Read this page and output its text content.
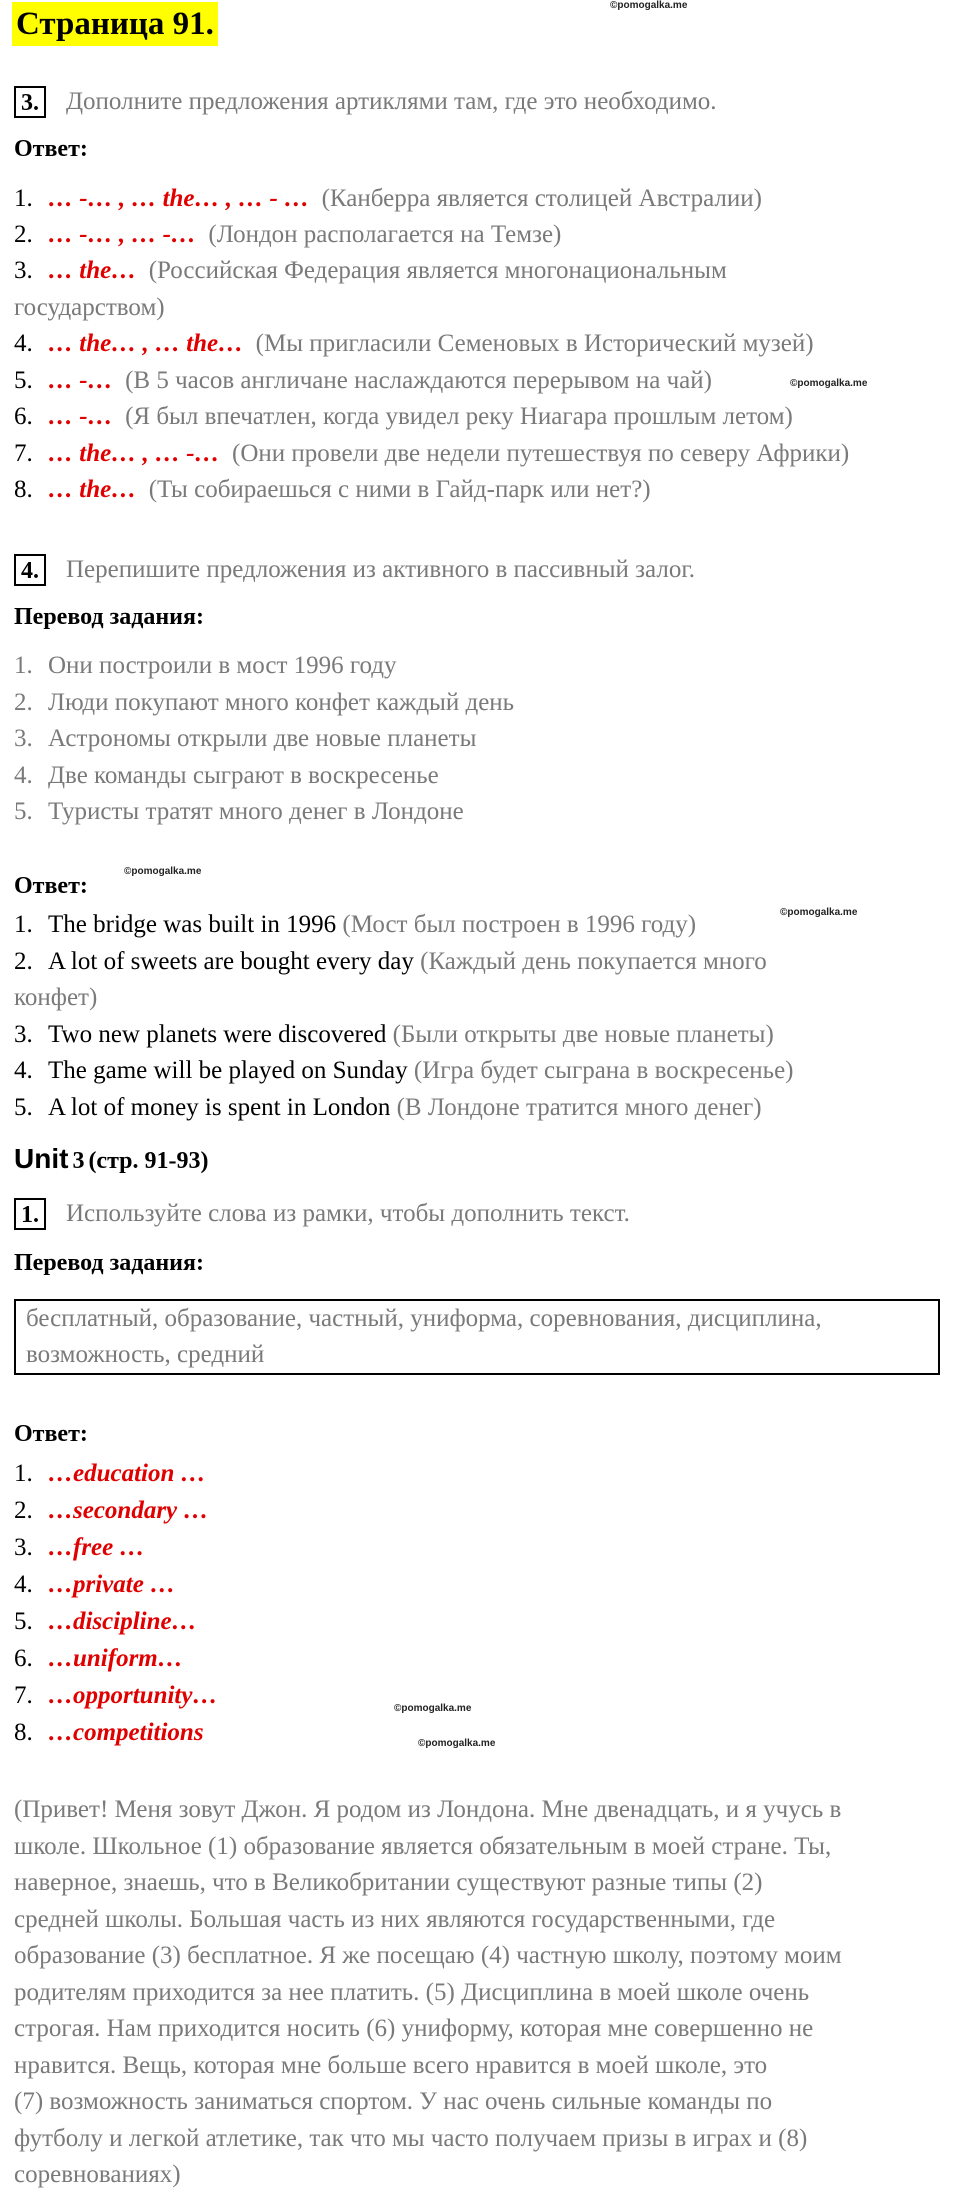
Страница 91.
©pomogalka.me
3. Дополните предложения артиклями там, где это необходимо.
Ответ:
1. … -… , … the… , … - … (Канберра является столицей Австралии)
2. … -… , … -… (Лондон располагается на Темзе)
3. … the… (Российская Федерация является многонациональным
государством)
4. … the… , … the… (Мы пригласили Семеновых в Исторический музей)
5. … -… (В 5 часов англичане наслаждаются перерывом на чай)	©pomogalka.me
6. … -… (Я был впечатлен, когда увидел реку Ниагара прошлым летом)
7. … the… , … -… (Они провели две недели путешествуя по северу Африки)
8. … the… (Ты собираешься с ними в Гайд-парк или нет?)
4. Перепишите предложения из активного в пассивный залог.
Перевод задания:
1. Они построили в мост 1996 году
2. Люди покупают много конфет каждый день
3. Астрономы открыли две новые планеты
4. Две команды сыграют в воскресенье
5. Туристы тратят много денег в Лондоне
©pomogalka.me
Ответ:
1. The bridge was built in 1996 (Мост был построен в 1996 году)	©pomogalka.me
2. A lot of sweets are bought every day (Каждый день покупается много
конфет)
3. Two new planets were discovered (Были открыты две новые планеты)
4. The game will be played on Sunday (Игра будет сыграна в воскресенье)
5. A lot of money is spent in London (В Лондоне тратится много денег)
Unit 3 (стр. 91-93)
1. Используйте слова из рамки, чтобы дополнить текст.
Перевод задания:
бесплатный, образование, частный, униформа, соревнования, дисциплина,
возможность, средний
Ответ:
1. …education …
2. …secondary …
3. …free …
4. …private …
5. …discipline…
6. …uniform…
7. …opportunity…	©pomogalka.me
8. …competitions	©pomogalka.me
(Привет! Меня зовут Джон. Я родом из Лондона. Мне двенадцать, и я учусь в
школе. Школьное (1) образование является обязательным в моей стране. Ты,
наверное, знаешь, что в Великобритании существуют разные типы (2)
средней школы. Большая часть из них являются государственными, где
образование (3) бесплатное. Я же посещаю (4) частную школу, поэтому моим
родителям приходится за нее платить. (5) Дисциплина в моей школе очень
строгая. Нам приходится носить (6) униформу, которая мне совершенно не
нравится. Вещь, которая мне больше всего нравится в моей школе, это
(7) возможность заниматься спортом. У нас очень сильные команды по
футболу и легкой атлетике, так что мы часто получаем призы в играх и (8)
соревнованиях)
